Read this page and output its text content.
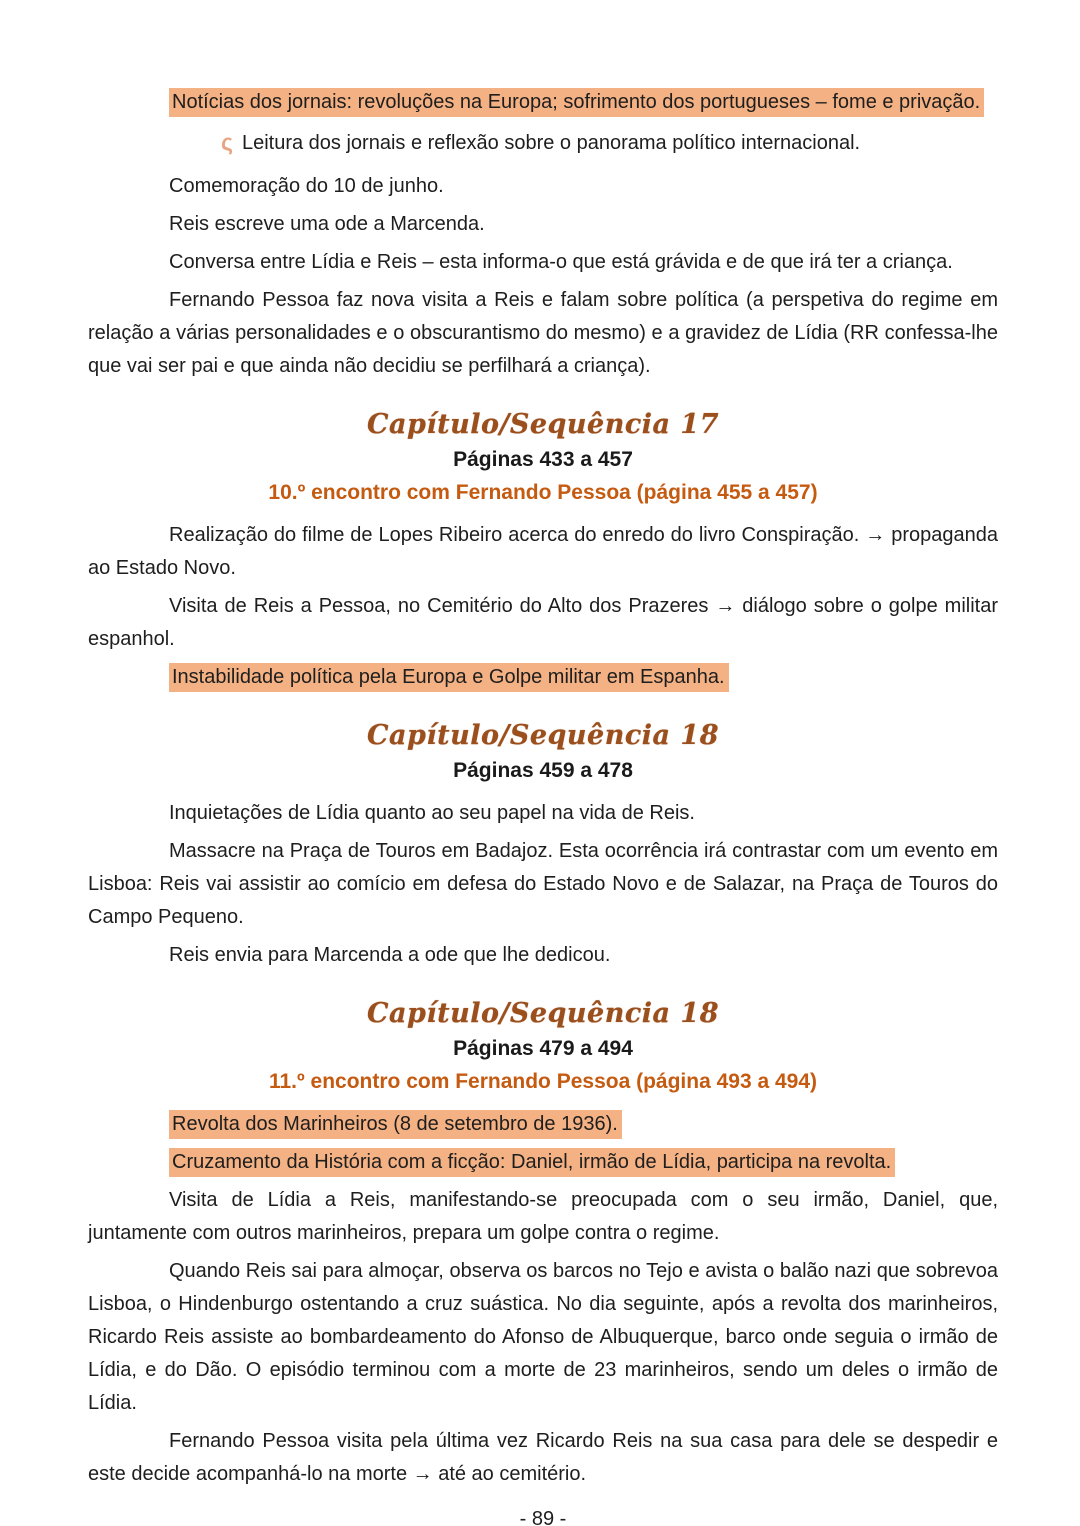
Notícias dos jornais: revoluções na Europa; sofrimento dos portugueses – fome e privação.

ς Leitura dos jornais e reflexão sobre o panorama político internacional.

Comemoração do 10 de junho.

Reis escreve uma ode a Marcenda.

Conversa entre Lídia e Reis – esta informa-o que está grávida e de que irá ter a criança.

Fernando Pessoa faz nova visita a Reis e falam sobre política (a perspetiva do regime em relação a várias personalidades e o obscurantismo do mesmo) e a gravidez de Lídia (RR confessa-lhe que vai ser pai e que ainda não decidiu se perfilhará a criança).

Capítulo/Sequência 17
Páginas 433 a 457
10.º encontro com Fernando Pessoa (página 455 a 457)

Realização do filme de Lopes Ribeiro acerca do enredo do livro Conspiração. → propaganda ao Estado Novo.

Visita de Reis a Pessoa, no Cemitério do Alto dos Prazeres → diálogo sobre o golpe militar espanhol.

Instabilidade política pela Europa e Golpe militar em Espanha.

Capítulo/Sequência 18
Páginas 459 a 478

Inquietações de Lídia quanto ao seu papel na vida de Reis.

Massacre na Praça de Touros em Badajoz. Esta ocorrência irá contrastar com um evento em Lisboa: Reis vai assistir ao comício em defesa do Estado Novo e de Salazar, na Praça de Touros do Campo Pequeno.

Reis envia para Marcenda a ode que lhe dedicou.

Capítulo/Sequência 18
Páginas 479 a 494
11.º encontro com Fernando Pessoa (página 493 a 494)

Revolta dos Marinheiros (8 de setembro de 1936).

Cruzamento da História com a ficção: Daniel, irmão de Lídia, participa na revolta.

Visita de Lídia a Reis, manifestando-se preocupada com o seu irmão, Daniel, que, juntamente com outros marinheiros, prepara um golpe contra o regime.

Quando Reis sai para almoçar, observa os barcos no Tejo e avista o balão nazi que sobrevoa Lisboa, o Hindenburgo ostentando a cruz suástica. No dia seguinte, após a revolta dos marinheiros, Ricardo Reis assiste ao bombardeamento do Afonso de Albuquerque, barco onde seguia o irmão de Lídia, e do Dão. O episódio terminou com a morte de 23 marinheiros, sendo um deles o irmão de Lídia.

Fernando Pessoa visita pela última vez Ricardo Reis na sua casa para dele se despedir e este decide acompanhá-lo na morte → até ao cemitério.

- 89 -
